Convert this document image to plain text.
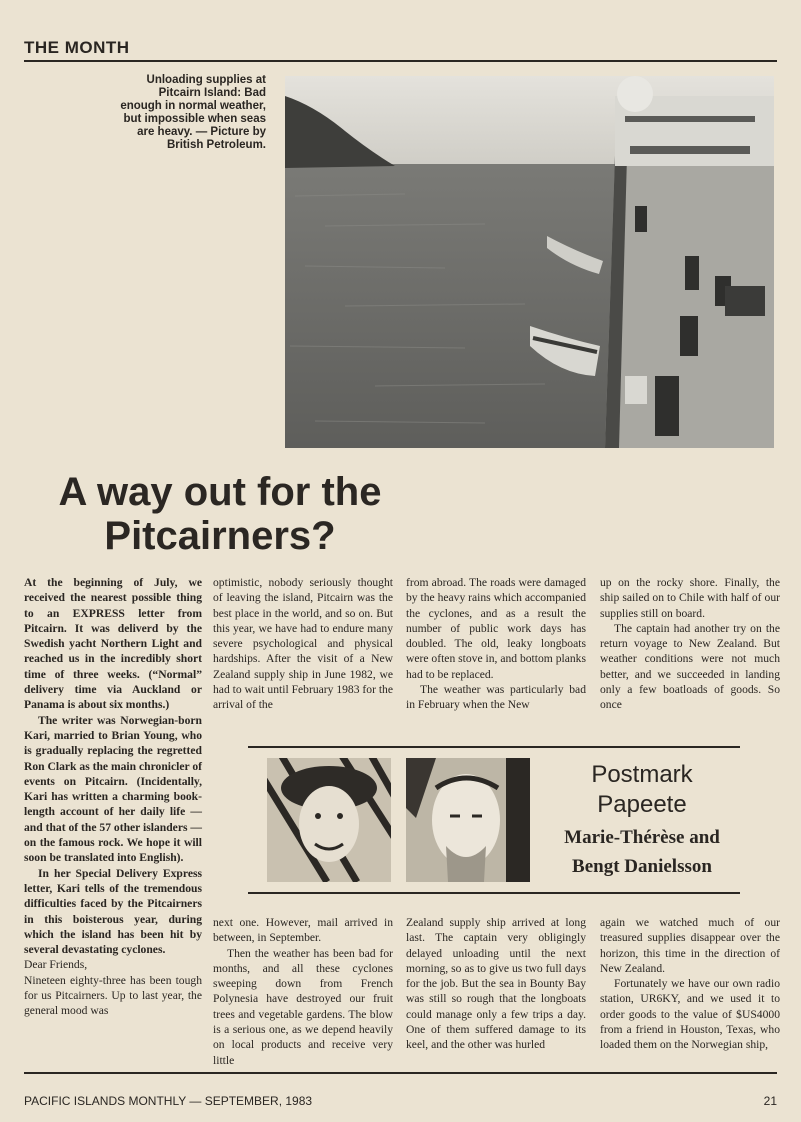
THE MONTH
Unloading supplies at Pitcairn Island: Bad enough in normal weather, but impossible when seas are heavy. — Picture by British Petroleum.
A way out for the Pitcairners?

At the beginning of July, we received the nearest possible thing to an EXPRESS letter from Pitcairn. It was deliverd by the Swedish yacht Northern Light and reached us in the incredibly short time of three weeks. (“Normal” delivery time via Auckland or Panama is about six months.)

The writer was Norwegian-born Kari, married to Brian Young, who is gradually replacing the regretted Ron Clark as the main chronicler of events on Pitcairn. (Incidentally, Kari has written a charming book-length account of her daily life — and that of the 57 other islanders — on the famous rock. We hope it will soon be translated into English).

In her Special Delivery Express letter, Kari tells of the tremendous difficulties faced by the Pitcairners in this boisterous year, during which the island has been hit by several devastating cyclones.

Dear Friends,

Nineteen eighty-three has been tough for us Pitcairners. Up to last year, the general mood was

optimistic, nobody seriously thought of leaving the island, Pitcairn was the best place in the world, and so on. But this year, we have had to endure many severe psychological and physical hardships. After the visit of a New Zealand supply ship in June 1982, we had to wait until February 1983 for the arrival of the

from abroad. The roads were damaged by the heavy rains which accompanied the cyclones, and as a result the number of public work days has doubled. The old, leaky longboats were often stove in, and bottom planks had to be replaced.

The weather was particularly bad in February when the New

up on the rocky shore. Finally, the ship sailed on to Chile with half of our supplies still on board.

The captain had another try on the return voyage to New Zealand. But weather conditions were not much better, and we succeeded in landing only a few boatloads of goods. So once

Postmark
Papeete
Marie-Thérèse and
Bengt Danielsson

next one. However, mail arrived in between, in September.

Then the weather has been bad for months, and all these cyclones sweeping down from French Polynesia have destroyed our fruit trees and vegetable gardens. The blow is a serious one, as we depend heavily on local products and receive very little

Zealand supply ship arrived at long last. The captain very obligingly delayed unloading until the next morning, so as to give us two full days for the job. But the sea in Bounty Bay was still so rough that the longboats could manage only a few trips a day. One of them suffered damage to its keel, and the other was hurled

again we watched much of our treasured supplies disappear over the horizon, this time in the direction of New Zealand.

Fortunately we have our own radio station, UR6KY, and we used it to order goods to the value of $US4000 from a friend in Houston, Texas, who loaded them on the Norwegian ship,

PACIFIC ISLANDS MONTHLY — SEPTEMBER, 1983	21
